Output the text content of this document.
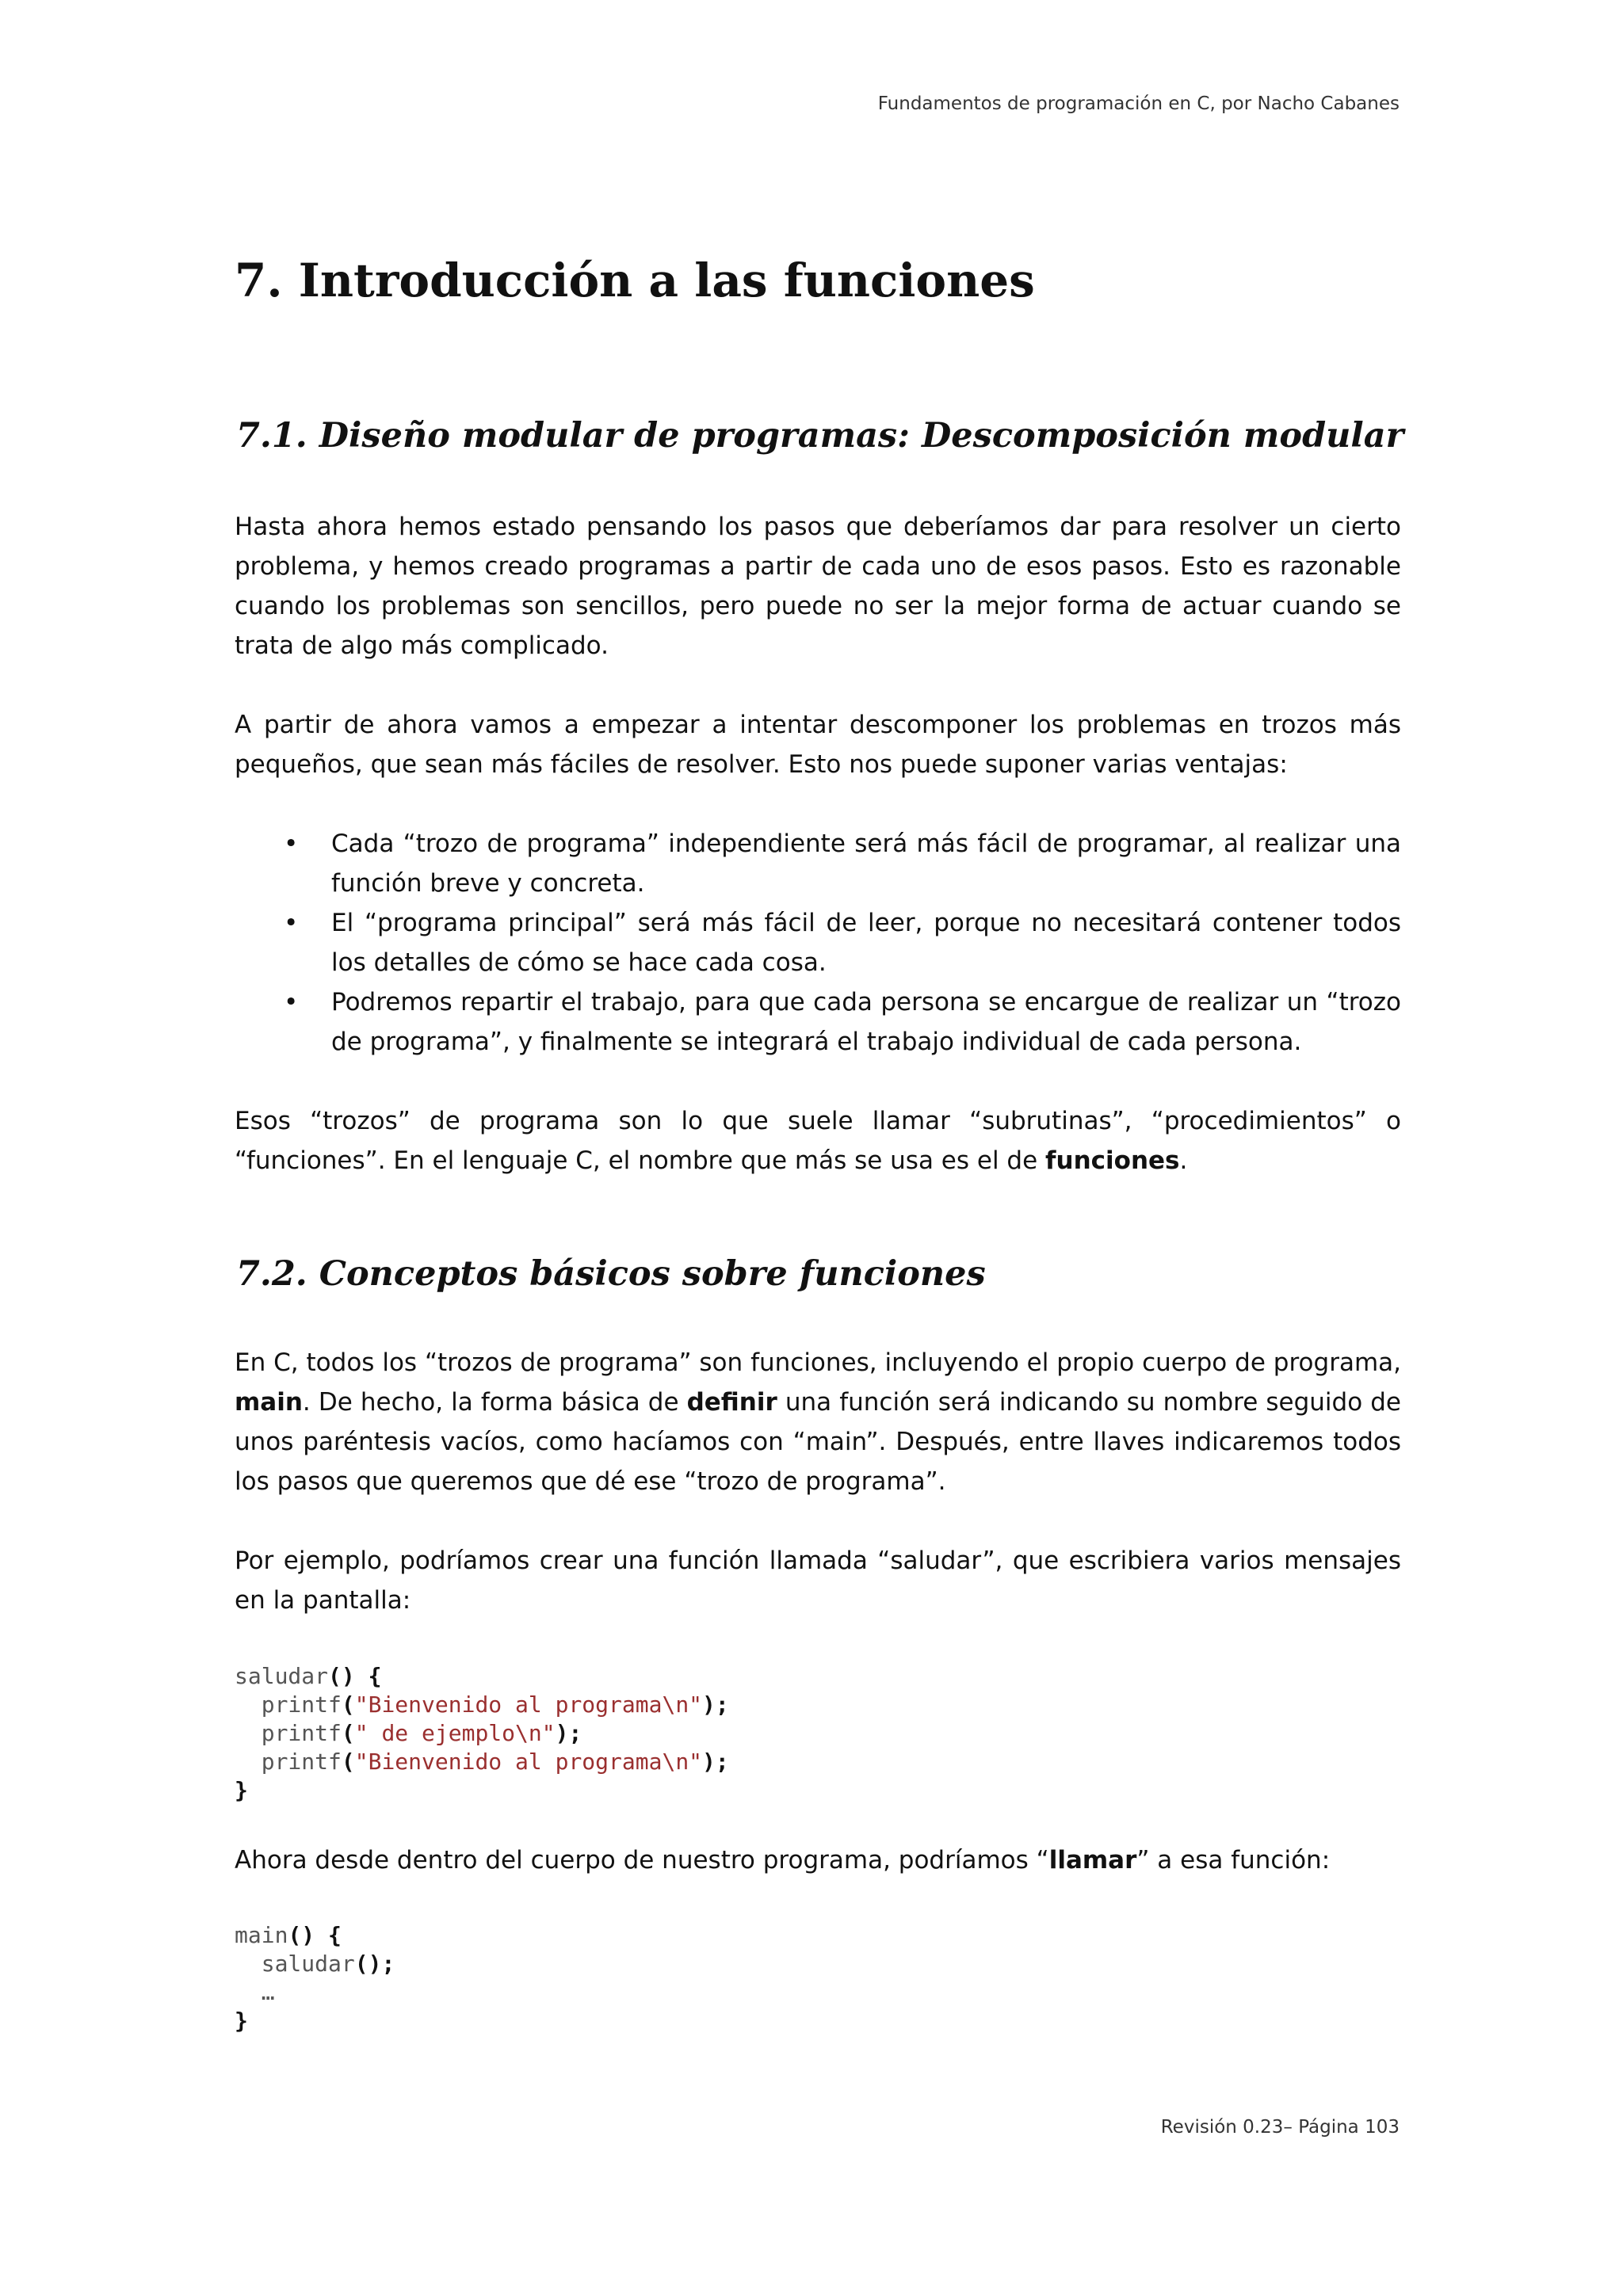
Fundamentos de programación en C, por Nacho Cabanes
7. Introducción a las funciones
7.1. Diseño modular de programas: Descomposición modular

Hasta ahora hemos estado pensando los pasos que deberíamos dar para resolver un cierto problema, y hemos creado programas a partir de cada uno de esos pasos. Esto es razonable cuando los problemas son sencillos, pero puede no ser la mejor forma de actuar cuando se trata de algo más complicado.

A partir de ahora vamos a empezar a intentar descomponer los problemas en trozos más pequeños, que sean más fáciles de resolver. Esto nos puede suponer varias ventajas:

• Cada “trozo de programa” independiente será más fácil de programar, al realizar una función breve y concreta.
• El “programa principal” será más fácil de leer, porque no necesitará contener todos los detalles de cómo se hace cada cosa.
• Podremos repartir el trabajo, para que cada persona se encargue de realizar un “trozo de programa”, y finalmente se integrará el trabajo individual de cada persona.

Esos “trozos” de programa son lo que suele llamar “subrutinas”, “procedimientos” o “funciones”. En el lenguaje C, el nombre que más se usa es el de funciones.

7.2. Conceptos básicos sobre funciones

En C, todos los “trozos de programa” son funciones, incluyendo el propio cuerpo de programa, main. De hecho, la forma básica de definir una función será indicando su nombre seguido de unos paréntesis vacíos, como hacíamos con “main”. Después, entre llaves indicaremos todos los pasos que queremos que dé ese “trozo de programa”.

Por ejemplo, podríamos crear una función llamada “saludar”, que escribiera varios mensajes en la pantalla:

saludar() {
printf("Bienvenido al programa\n");
printf(" de ejemplo\n");
printf("Bienvenido al programa\n");
}

Ahora desde dentro del cuerpo de nuestro programa, podríamos “llamar” a esa función:

main() {
saludar();
…
}
Revisión 0.23– Página 103
